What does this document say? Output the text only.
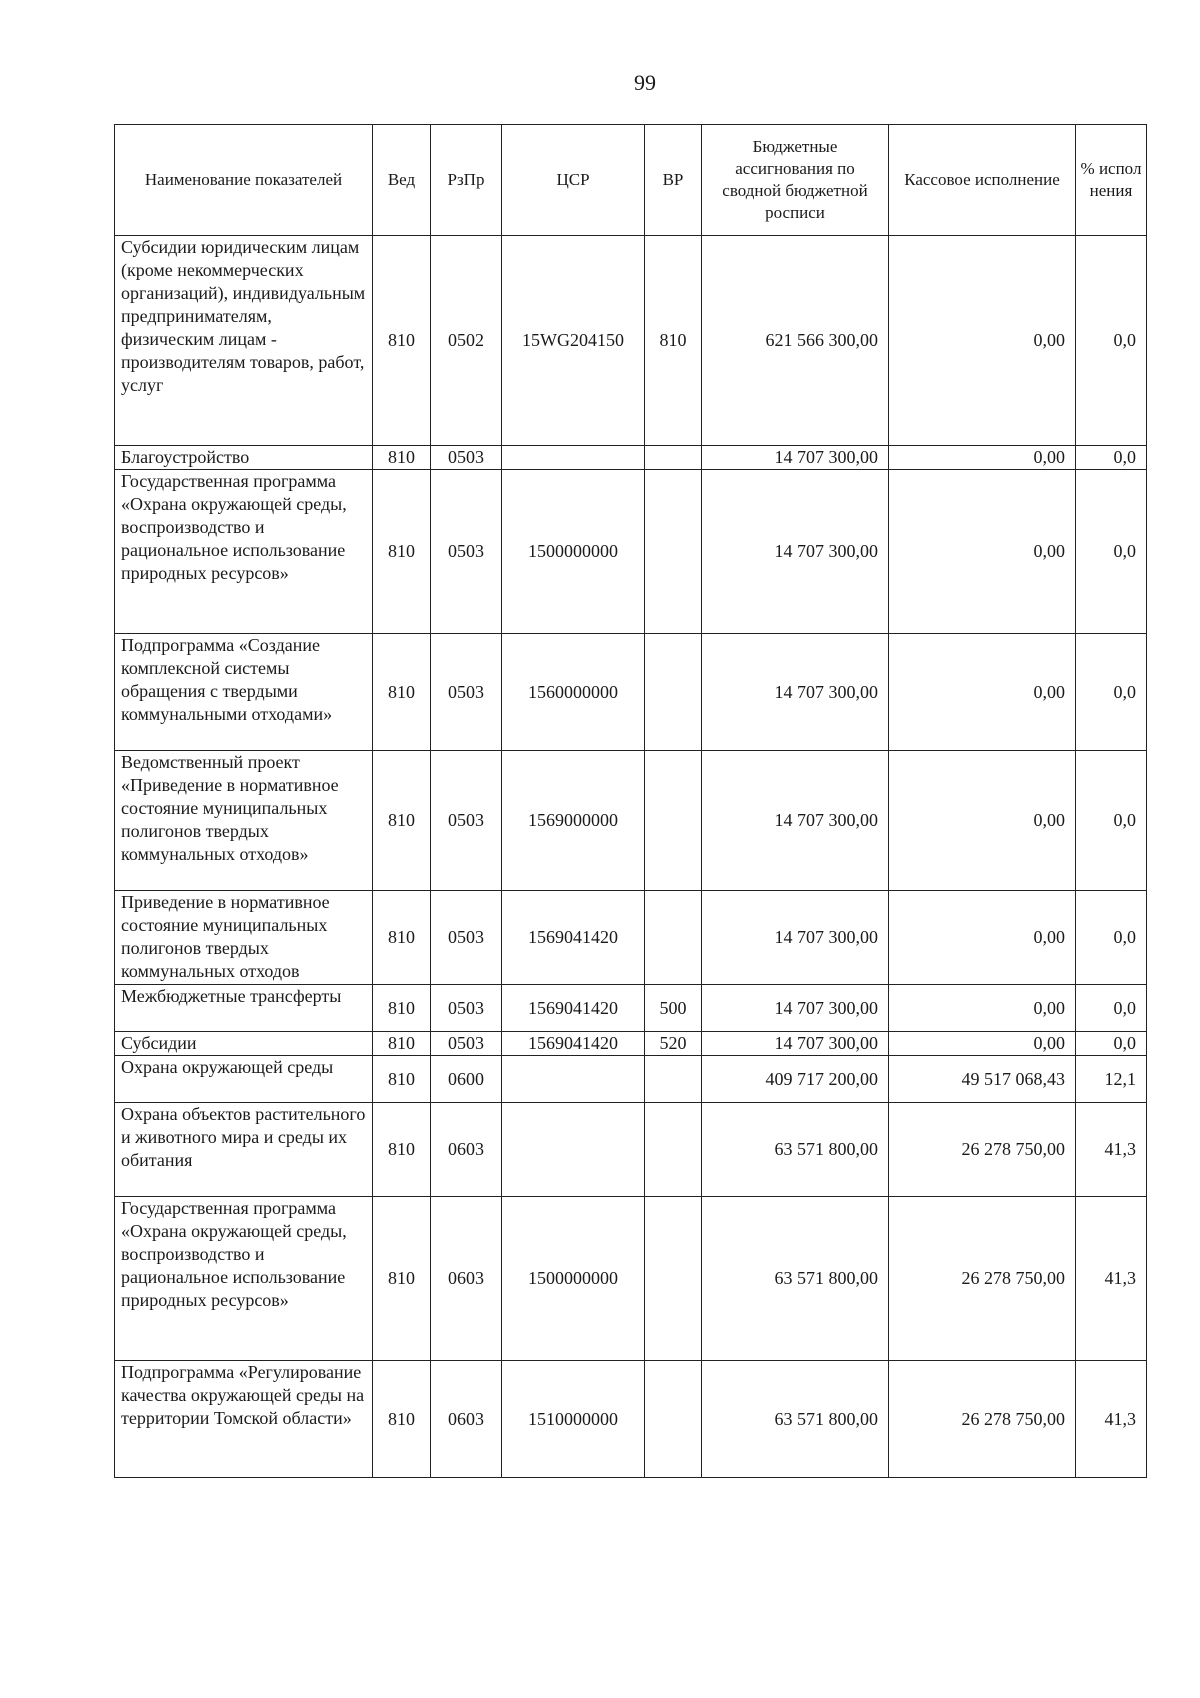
99
Наименование показателей	Вед	РзПр	ЦСР	ВР	Бюджетные ассигнования по сводной бюджетной росписи	Кассовое исполнение	% испол нения
Субсидии юридическим лицам (кроме некоммерческих организаций), индивидуальным предпринимателям, физическим лицам - производителям товаров, работ, услуг	810	0502	15WG204150	810	621 566 300,00	0,00	0,0
Благоустройство	810	0503			14 707 300,00	0,00	0,0
Государственная программа «Охрана окружающей среды, воспроизводство и рациональное использование природных ресурсов»	810	0503	1500000000		14 707 300,00	0,00	0,0
Подпрограмма «Создание комплексной системы обращения с твердыми коммунальными отходами»	810	0503	1560000000		14 707 300,00	0,00	0,0
Ведомственный проект «Приведение в нормативное состояние муниципальных полигонов твердых коммунальных отходов»	810	0503	1569000000		14 707 300,00	0,00	0,0
Приведение в нормативное состояние муниципальных полигонов твердых коммунальных отходов	810	0503	1569041420		14 707 300,00	0,00	0,0
Межбюджетные трансферты	810	0503	1569041420	500	14 707 300,00	0,00	0,0
Субсидии	810	0503	1569041420	520	14 707 300,00	0,00	0,0
Охрана окружающей среды	810	0600			409 717 200,00	49 517 068,43	12,1
Охрана объектов растительного и животного мира и среды их обитания	810	0603			63 571 800,00	26 278 750,00	41,3
Государственная программа «Охрана окружающей среды, воспроизводство и рациональное использование природных ресурсов»	810	0603	1500000000		63 571 800,00	26 278 750,00	41,3
Подпрограмма «Регулирование качества окружающей среды на территории Томской области»	810	0603	1510000000		63 571 800,00	26 278 750,00	41,3
